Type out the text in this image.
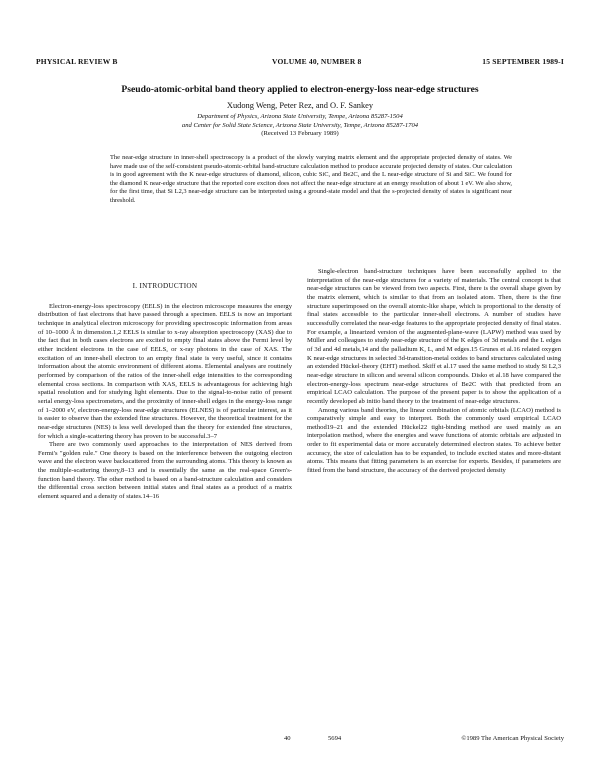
PHYSICAL REVIEW B	VOLUME 40, NUMBER 8	15 SEPTEMBER 1989-I
Pseudo-atomic-orbital band theory applied to electron-energy-loss near-edge structures
Xudong Weng, Peter Rez, and O. F. Sankey
Department of Physics, Arizona State University, Tempe, Arizona 85287-1504
and Center for Solid State Science, Arizona State University, Tempe, Arizona 85287-1704
(Received 13 February 1989)
The near-edge structure in inner-shell spectroscopy is a product of the slowly varying matrix element and the appropriate projected density of states. We have made use of the self-consistent pseudo-atomic-orbital band-structure calculation method to produce accurate projected density of states. Our calculation is in good agreement with the K near-edge structures of diamond, silicon, cubic SiC, and Be2C, and the L near-edge structure of Si and SiC. We found for the diamond K near-edge structure that the reported core exciton does not affect the near-edge structure at an energy resolution of about 1 eV. We also show, for the first time, that Si L2,3 near-edge structure can be interpreted using a ground-state model and that the s-projected density of states is significant near threshold.
I. INTRODUCTION

Electron-energy-loss spectroscopy (EELS) in the electron microscope measures the energy distribution of fast electrons that have passed through a specimen. EELS is now an important technique in analytical electron microscopy for providing spectroscopic information from areas of 10–1000 Å in dimension.1,2 EELS is similar to x-ray absorption spectroscopy (XAS) due to the fact that in both cases electrons are excited to empty final states above the Fermi level by either incident electrons in the case of EELS, or x-ray photons in the case of XAS. The excitation of an inner-shell electron to an empty final state is very useful, since it contains information about the atomic environment of different atoms. Elemental analyses are routinely performed by comparison of the ratios of the inner-shell edge intensities to the corresponding elemental cross sections. In comparison with XAS, EELS is advantageous for achieving high spatial resolution and for studying light elements. Due to the signal-to-noise ratio of present serial energy-loss spectrometers, and the proximity of inner-shell edges in the energy-loss range of 1–2000 eV, electron-energy-loss near-edge structures (ELNES) is of particular interest, as it is easier to observe than the extended fine structures. However, the theoretical treatment for the near-edge structures (NES) is less well developed than the theory for extended fine structures, for which a single-scattering theory has proven to be successful.3–7

There are two commonly used approaches to the interpretation of NES derived from Fermi's "golden rule." One theory is based on the interference between the outgoing electron wave and the electron wave backscattered from the surrounding atoms. This theory is known as the multiple-scattering theory,8–13 and is essentially the same as the real-space Green's-function band theory. The other method is based on a band-structure calculation and considers the differential cross section between initial states and final states as a product of a matrix element squared and a density of states.14–16

Single-electron band-structure techniques have been successfully applied to the interpretation of the near-edge structures for a variety of materials. The central concept is that near-edge structures can be viewed from two aspects. First, there is the overall shape given by the matrix element, which is similar to that from an isolated atom. Then, there is the fine structure superimposed on the overall atomic-like shape, which is proportional to the density of final states accessible to the particular inner-shell electrons. A number of studies have successfully correlated the near-edge features to the appropriate projected density of final states. For example, a linearized version of the augmented-plane-wave (LAPW) method was used by Müller and colleagues to study near-edge structure of the K edges of 3d metals and the L edges of 3d and 4d metals,14 and the palladium K, L, and M edges.15 Grunes et al.16 related oxygen K near-edge structures in selected 3d-transition-metal oxides to band structures calculated using an extended Hückel-theory (EHT) method. Skiff et al.17 used the same method to study Si L2,3 near-edge structure in silicon and several silicon compounds. Disko et al.18 have compared the electron-energy-loss spectrum near-edge structures of Be2C with that predicted from an empirical LCAO calculation. The purpose of the present paper is to show the application of a recently developed ab initio band theory to the treatment of near-edge structures.

Among various band theories, the linear combination of atomic orbitals (LCAO) method is comparatively simple and easy to interpret. Both the commonly used empirical LCAO method19–21 and the extended Hückel22 tight-binding method are used mainly as an interpolation method, where the energies and wave functions of atomic orbitals are adjusted in order to fit experimental data or more accurately determined electron states. To achieve better accuracy, the size of calculation has to be expanded, to include excited states and more-distant atoms. This means that fitting parameters is an exercise for experts. Besides, if parameters are fitted from the band structure, the accuracy of the derived projected density

40	5694	©1989 The American Physical Society
